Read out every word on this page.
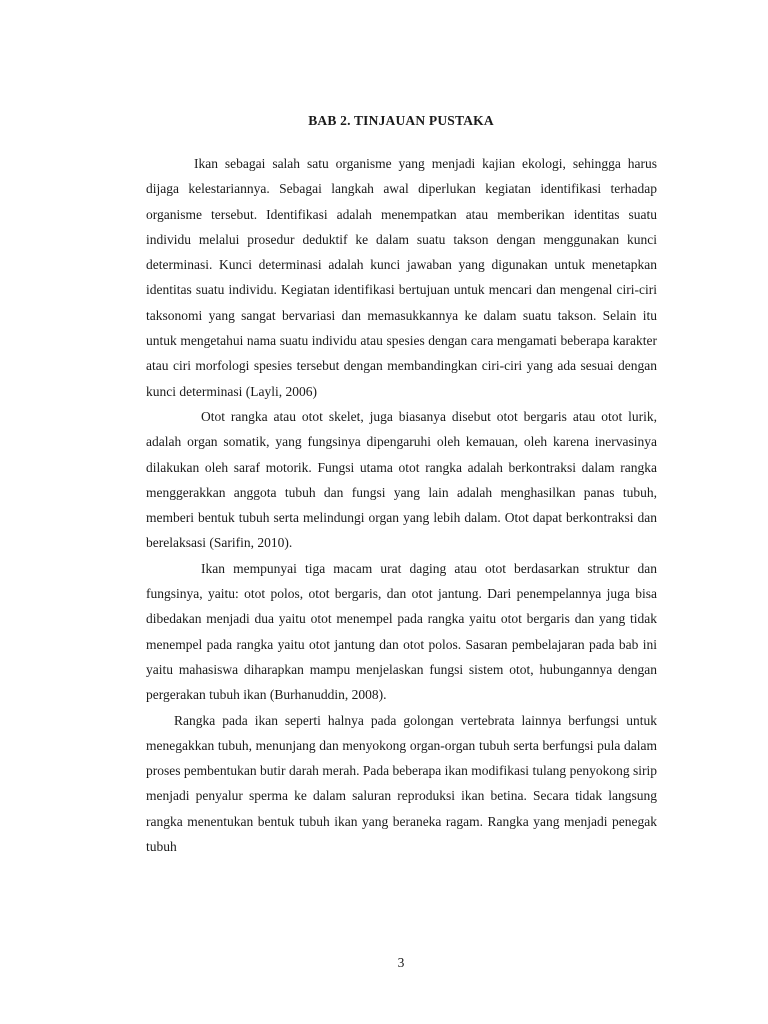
BAB 2. TINJAUAN PUSTAKA

Ikan sebagai salah satu organisme yang menjadi kajian ekologi, sehingga harus dijaga kelestariannya. Sebagai langkah awal diperlukan kegiatan identifikasi terhadap organisme tersebut. Identifikasi adalah menempatkan atau memberikan identitas suatu individu melalui prosedur deduktif ke dalam suatu takson dengan menggunakan kunci determinasi. Kunci determinasi adalah kunci jawaban yang digunakan untuk menetapkan identitas suatu individu. Kegiatan identifikasi bertujuan untuk mencari dan mengenal ciri-ciri taksonomi yang sangat bervariasi dan memasukkannya ke dalam suatu takson. Selain itu untuk mengetahui nama suatu individu atau spesies dengan cara mengamati beberapa karakter atau ciri morfologi spesies tersebut dengan membandingkan ciri-ciri yang ada sesuai dengan kunci determinasi (Layli, 2006)

Otot rangka atau otot skelet, juga biasanya disebut otot bergaris atau otot lurik, adalah organ somatik, yang fungsinya dipengaruhi oleh kemauan, oleh karena inervasinya dilakukan oleh saraf motorik. Fungsi utama otot rangka adalah berkontraksi dalam rangka menggerakkan anggota tubuh dan fungsi yang lain adalah menghasilkan panas tubuh, memberi bentuk tubuh serta melindungi organ yang lebih dalam. Otot dapat berkontraksi dan berelaksasi (Sarifin, 2010).

Ikan mempunyai tiga macam urat daging atau otot berdasarkan struktur dan fungsinya, yaitu: otot polos, otot bergaris, dan otot jantung. Dari penempelannya juga bisa dibedakan menjadi dua yaitu otot menempel pada rangka yaitu otot bergaris dan yang tidak menempel pada rangka yaitu otot jantung dan otot polos. Sasaran pembelajaran pada bab ini yaitu mahasiswa diharapkan mampu menjelaskan fungsi sistem otot, hubungannya dengan pergerakan tubuh ikan (Burhanuddin, 2008).

Rangka pada ikan seperti halnya pada golongan vertebrata lainnya berfungsi untuk menegakkan tubuh, menunjang dan menyokong organ-organ tubuh serta berfungsi pula dalam proses pembentukan butir darah merah. Pada beberapa ikan modifikasi tulang penyokong sirip menjadi penyalur sperma ke dalam saluran reproduksi ikan betina. Secara tidak langsung rangka menentukan bentuk tubuh ikan yang beraneka ragam. Rangka yang menjadi penegak tubuh

3
